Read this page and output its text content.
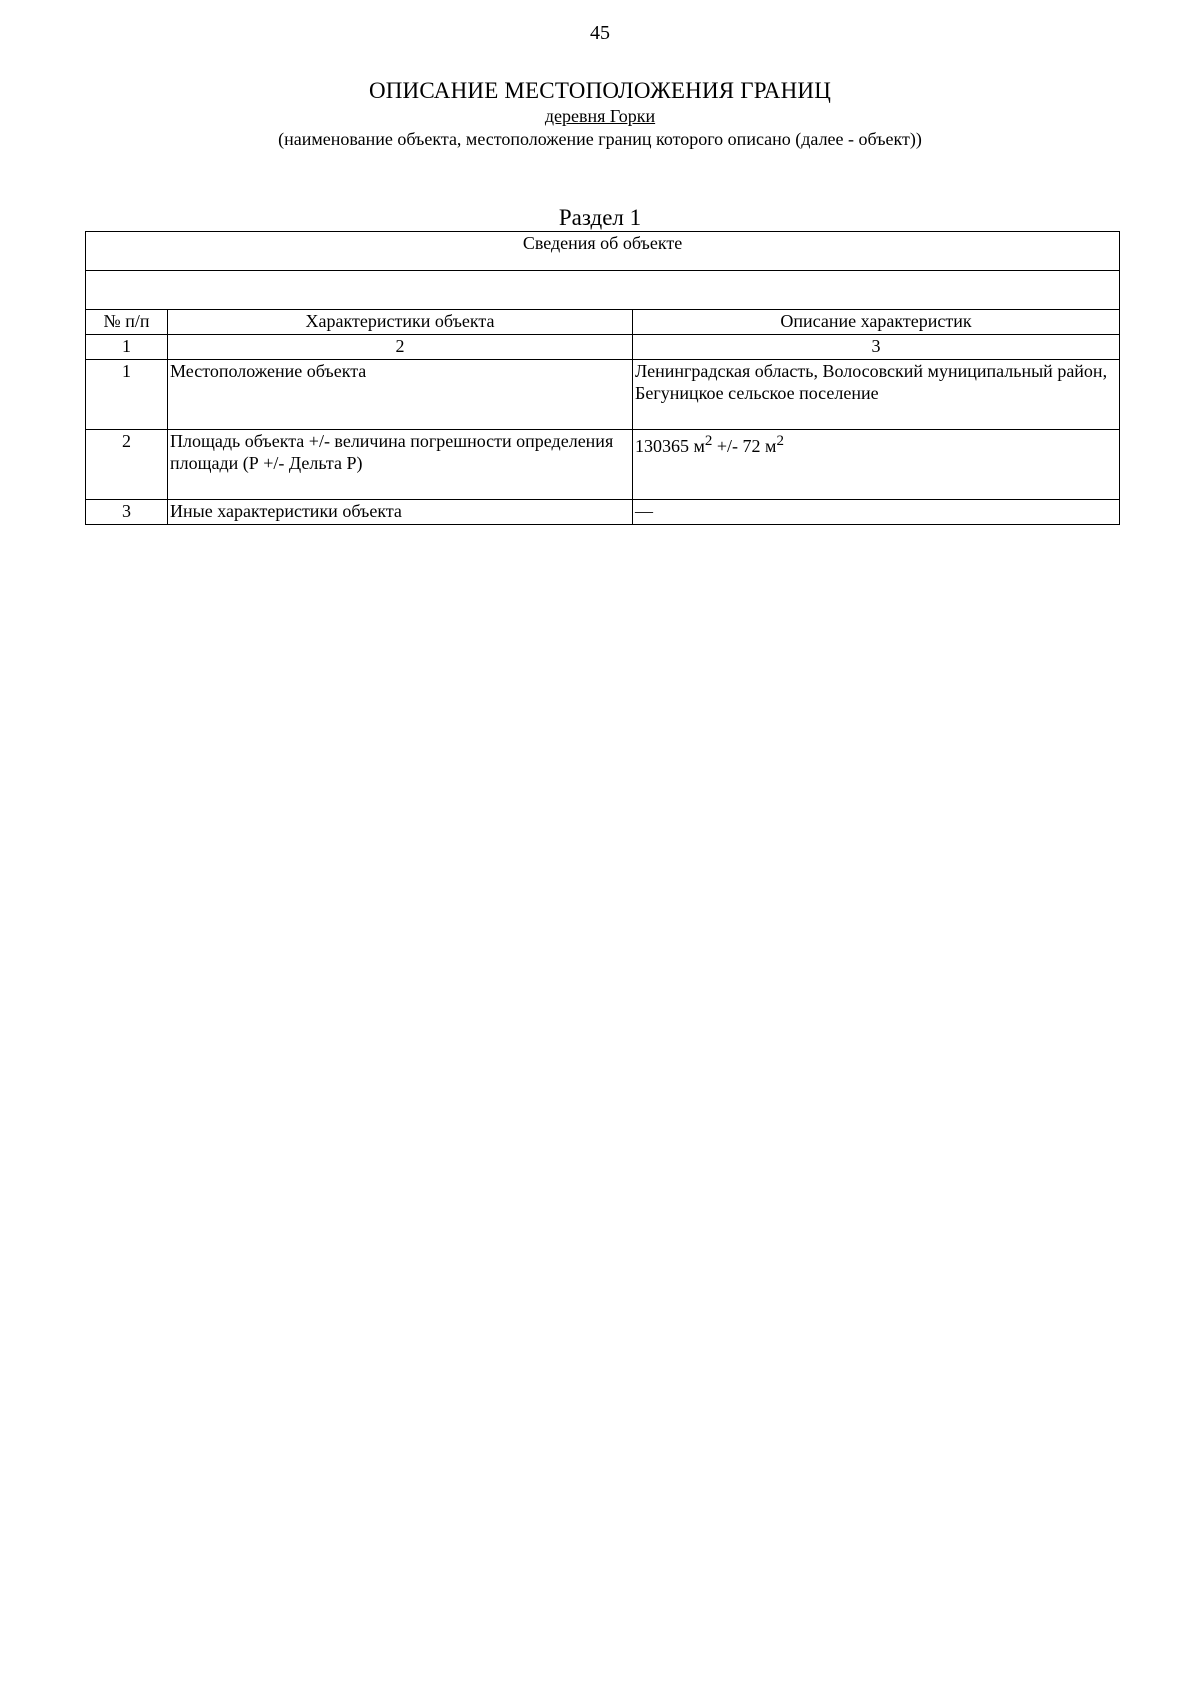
45
ОПИСАНИЕ МЕСТОПОЛОЖЕНИЯ ГРАНИЦ
деревня Горки
(наименование объекта, местоположение границ которого описано (далее - объект))
Раздел 1
Сведения об объекте		

№ п/п	Характеристики объекта	Описание характеристик
1	2	3
1	Местоположение объекта	Ленинградская область, Волосовский муниципальный район, Бегуницкое сельское поселение
2	Площадь объекта +/- величина погрешности определения площади (Р +/- Дельта Р)	130365 $м^2$ +/- 72 $м^2$
3	Иные характеристики объекта	—
